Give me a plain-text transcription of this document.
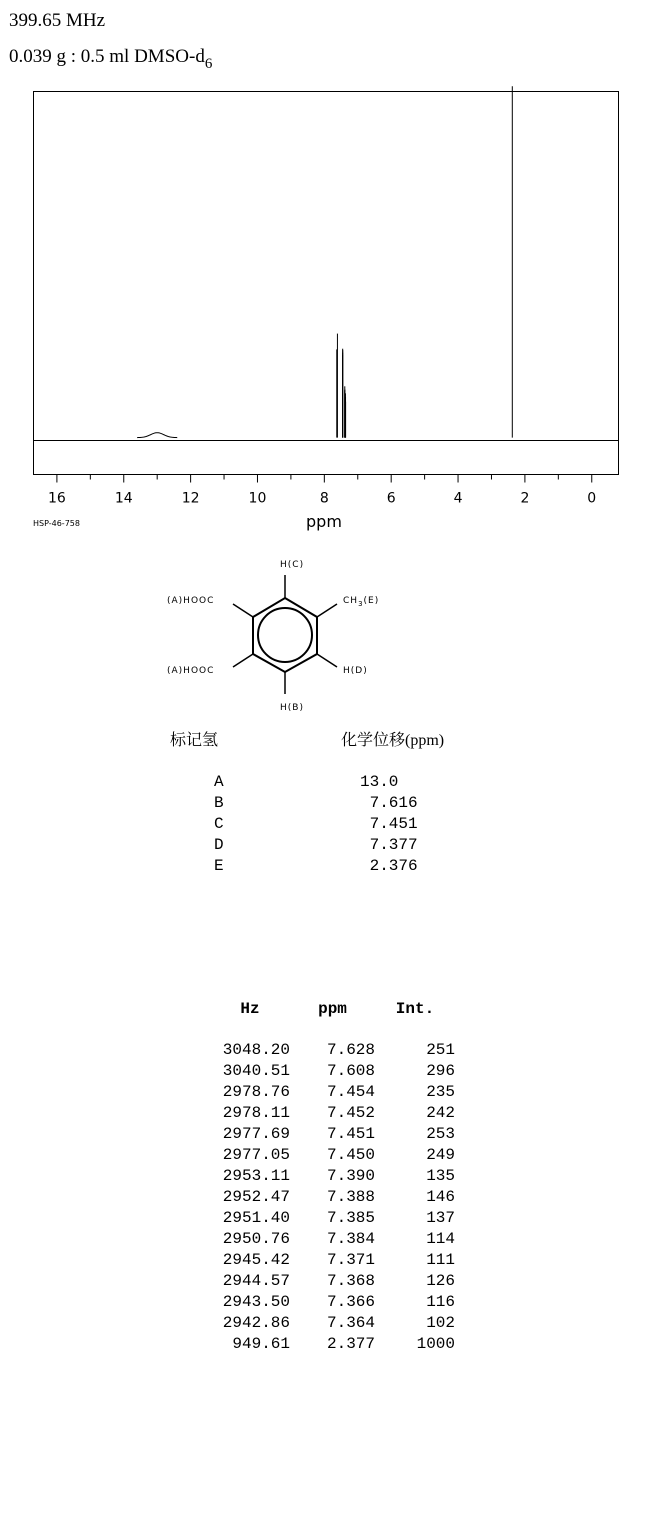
399.65 MHz
0.039 g : 0.5 ml DMSO-$d_6$
16	14	12	10	8	6	4	2	0
HSP-46-758	ppm
H(C)
(A)HOOC	$CH_3(E)$
(A)HOOC	H(D)
H(B)
标记氢	化学位移(ppm)
A	13.0
B	7.616
C	7.451
D	7.377
E	2.376
Hz	ppm	Int.

3048.20	7.628	251
3040.51	7.608	296
2978.76	7.454	235
2978.11	7.452	242
2977.69	7.451	253
2977.05	7.450	249
2953.11	7.390	135
2952.47	7.388	146
2951.40	7.385	137
2950.76	7.384	114
2945.42	7.371	111
2944.57	7.368	126
2943.50	7.366	116
2942.86	7.364	102
949.61	2.377	1000
